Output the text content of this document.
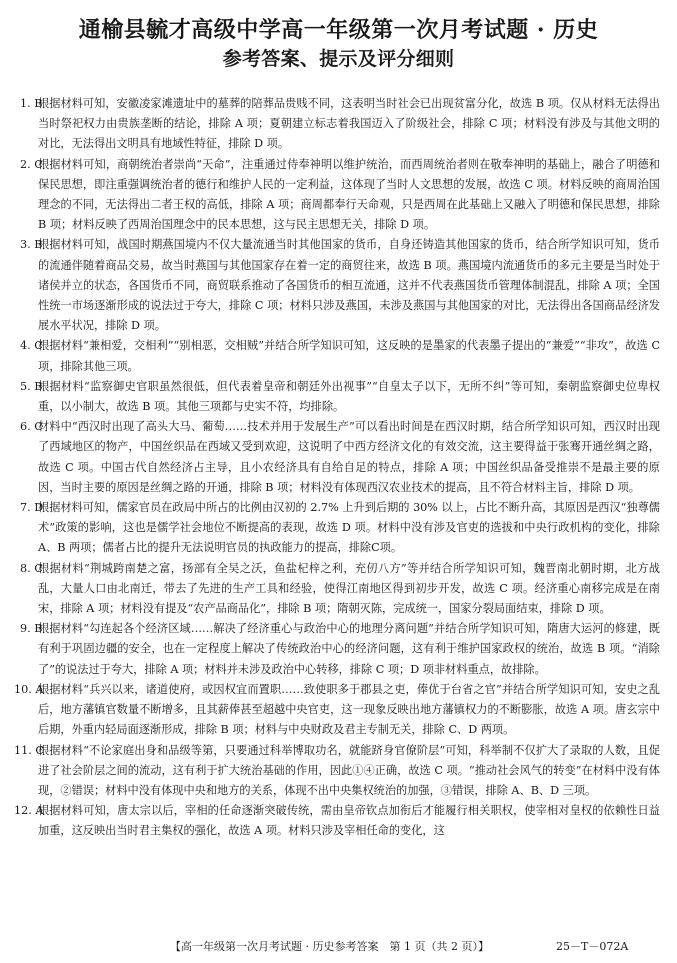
通榆县毓才高级中学高一年级第一次月考试题 · 历史
参考答案、提示及评分细则

1. B
根据材料可知，安徽凌家滩遗址中的墓葬的陪葬品贵贱不同，这表明当时社会已出现贫富分化，故选 B 项。仅从材料无法得出当时祭祀权力由贵族垄断的结论，排除 A 项；夏朝建立标志着我国迈入了阶级社会，排除 C 项；材料没有涉及与其他文明的对比，无法得出文明具有地域性特征，排除 D 项。

2. C
根据材料可知，商朝统治者崇尚“天命”，注重通过侍奉神明以维护统治，而西周统治者则在敬奉神明的基础上，融合了明德和保民思想，即注重强调统治者的德行和维护人民的一定利益，这体现了当时人文思想的发展，故选 C 项。材料反映的商周治国理念的不同，无法得出二者王权的高低，排除 A 项；商周都奉行天命观，只是西周在此基础上又融入了明德和保民思想，排除 B 项；材料反映了西周治国理念中的民本思想，这与民主思想无关，排除 D 项。

3. B
根据材料可知，战国时期燕国境内不仅大量流通当时其他国家的货币，自身还铸造其他国家的货币，结合所学知识可知，货币的流通伴随着商品交易，故当时燕国与其他国家存在着一定的商贸往来，故选 B 项。燕国境内流通货币的多元主要是当时处于诸侯并立的状态，各国货币不同，商贸联系推动了各国货币的相互流通，这并不代表燕国货币管理体制混乱，排除 A 项；全国性统一市场逐渐形成的说法过于夸大，排除 C 项；材料只涉及燕国，未涉及燕国与其他国家的对比，无法得出各国商品经济发展水平状况，排除 D 项。

4. C
根据材料“兼相爱，交相利”“别相恶，交相贼”并结合所学知识可知，这反映的是墨家的代表墨子提出的“兼爱”“非攻”，故选 C 项，排除其他三项。

5. B
根据材料“监察御史官职虽然很低，但代表着皇帝和朝廷外出视事”“自皇太子以下，无所不纠”等可知，秦朝监察御史位卑权重，以小制大，故选 B 项。其他三项都与史实不符，均排除。

6. C
材料中“西汉时出现了高头大马、葡萄……技术并用于发展生产”可以看出时间是在西汉时期，结合所学知识可知，西汉时出现了西域地区的物产，中国丝织品在西域又受到欢迎，这说明了中西方经济文化的有效交流，这主要得益于张骞开通丝绸之路，故选 C 项。中国古代自然经济占主导，且小农经济具有自给自足的特点，排除 A 项；中国丝织品备受推崇不是最主要的原因，当时主要的原因是丝绸之路的开通，排除 B 项；材料没有体现西汉农业技术的提高，且不符合材料主旨，排除 D 项。

7. D
根据材料可知，儒家官员在政局中所占的比例由汉初的 2.7% 上升到后期的 30% 以上，占比不断升高，其原因是西汉“独尊儒术”政策的影响，这也是儒学社会地位不断提高的表现，故选 D 项。材料中没有涉及官吏的选拔和中央行政机构的变化，排除 A、B 两项；儒者占比的提升无法说明官员的执政能力的提高，排除C项。

8. C
根据材料“荆城跨南楚之富，扬部有全吴之沃，鱼盐杞梓之利，充仞八方”等并结合所学知识可知，魏晋南北朝时期，北方战乱，大量人口由北南迁，带去了先进的生产工具和经验，使得江南地区得到初步开发，故选 C 项。经济重心南移完成是在南宋，排除 A 项；材料没有提及“农产品商品化”，排除 B 项；隋朝灭陈，完成统一，国家分裂局面结束，排除 D 项。

9. B
根据材料“勾连起各个经济区域……解决了经济重心与政治中心的地理分离问题”并结合所学知识可知，隋唐大运河的修建，既有利于巩固边疆的安全，也在一定程度上解决了传统政治中心的经济问题，这有利于维护国家政权的统治，故选 B 项。“消除了”的说法过于夸大，排除 A 项；材料并未涉及政治中心转移，排除 C 项；D 项非材料重点，故排除。

10. A
根据材料“兵兴以来，诸道使府，或因权宜而置职……致使职多于郡县之吏，俸优于台省之官”并结合所学知识可知，安史之乱后，地方藩镇官数量不断增多，且其薪俸甚至超越中央官吏，这一现象反映出地方藩镇权力的不断膨胀，故选 A 项。唐玄宗中后期，外重内轻局面逐渐形成，排除 B 项；材料与中央财政及君主专制无关，排除 C、D 两项。

11. C
根据材料“不论家庭出身和品级等第，只要通过科举博取功名，就能跻身官僚阶层”可知，科举制不仅扩大了录取的人数，且促进了社会阶层之间的流动，这有利于扩大统治基础的作用，因此①④正确，故选 C 项。“推动社会风气的转变”在材料中没有体现，②错误；材料中没有体现中央和地方的关系，体现不出中央集权统治的加强，③错误，排除 A、B、D 三项。

12. A
根据材料可知，唐太宗以后，宰相的任命逐渐突破传统，需由皇帝钦点加衔后才能履行相关职权，使宰相对皇权的依赖性日益加重，这反映出当时君主集权的强化，故选 A 项。材料只涉及宰相任命的变化，这

【高一年级第一次月考试题 · 历史参考答案　第 1 页（共 2 页）】	25－T－072A
